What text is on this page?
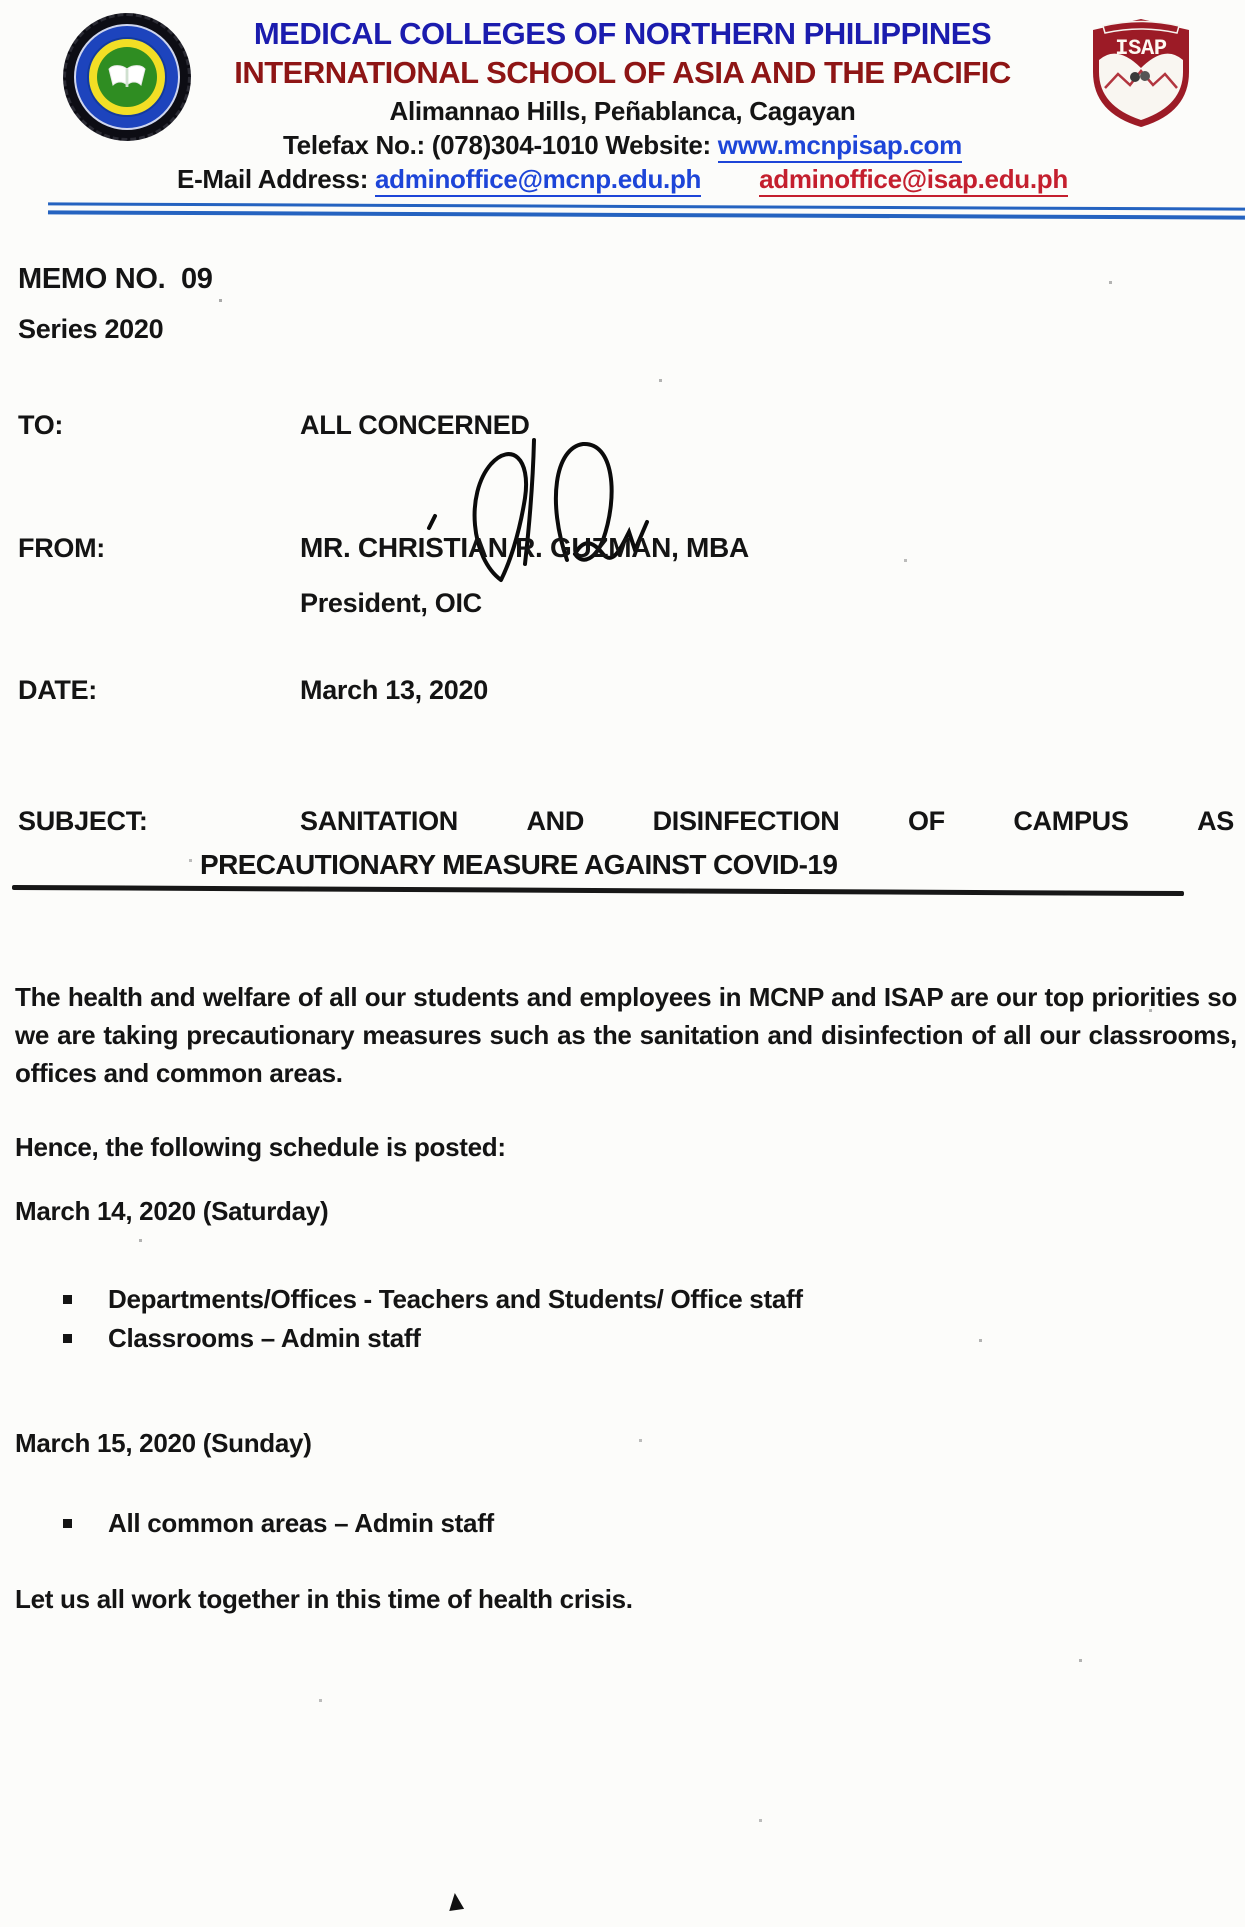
ISAP
MEDICAL COLLEGES OF NORTHERN PHILIPPINES
INTERNATIONAL SCHOOL OF ASIA AND THE PACIFIC
Alimannao Hills, Peñablanca, Cagayan
Telefax No.: (078)304-1010 Website: www.mcnpisap.com
E-Mail Address: adminoffice@mcnp.edu.ph adminoffice@isap.edu.ph
MEMO NO.  09
Series 2020
TO:	ALL CONCERNED
FROM:	MR. CHRISTIAN R. GUZMAN, MBA
President, OIC
DATE:	March 13, 2020
SUBJECT:	SANITATION	AND	DISINFECTION	OF	CAMPUS	AS
PRECAUTIONARY MEASURE AGAINST COVID-19
The health and welfare of all our students and employees in MCNP and ISAP are our top priorities so we are taking precautionary measures such as the sanitation and disinfection of all our classrooms, offices and common areas.
Hence, the following schedule is posted:
March 14, 2020 (Saturday)
Departments/Offices - Teachers and Students/ Office staff
Classrooms – Admin staff
March 15, 2020 (Sunday)
All common areas – Admin staff
Let us all work together in this time of health crisis.
